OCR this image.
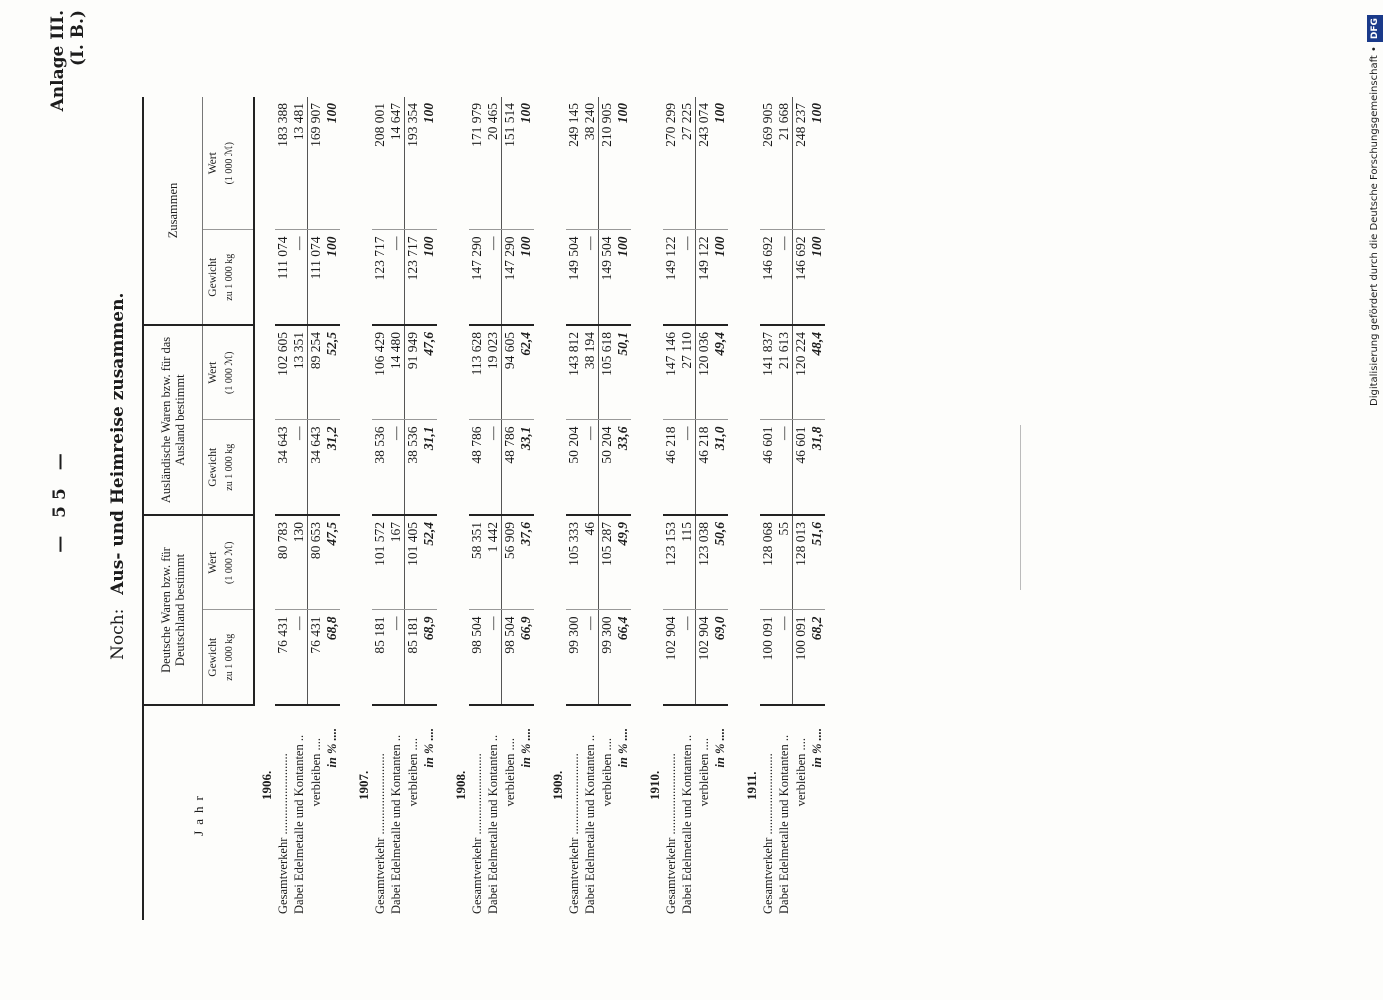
— 55 —
Anlage III. (I. B.)
Noch: Aus- und Heimreise zusammen.
Jahr	Deutsche Waren bzw. für Deutschland bestimmt		Ausländische Waren bzw. für das Ausland bestimmt		Zusammen	
	Gewicht zu 1 000 kg	Wert (1 000 ℳ)	Gewicht zu 1 000 kg	Wert (1 000 ℳ)	Gewicht zu 1 000 kg	Wert (1 000 ℳ)

1906.						
Gesamtverkehr ..........................	76 431	80 783	34 643	102 605	111 074	183 388
Dabei Edelmetalle und Kontanten ..	—	130	—	13 351	—	13 481
verbleiben ....	76 431	80 653	34 643	89 254	111 074	169 907
in % ....	68,8	47,5	31,2	52,5	100	100

1907.						
Gesamtverkehr ..........................	85 181	101 572	38 536	106 429	123 717	208 001
Dabei Edelmetalle und Kontanten ..	—	167	—	14 480	—	14 647
verbleiben ....	85 181	101 405	38 536	91 949	123 717	193 354
in % ....	68,9	52,4	31,1	47,6	100	100

1908.						
Gesamtverkehr ..........................	98 504	58 351	48 786	113 628	147 290	171 979
Dabei Edelmetalle und Kontanten ..	—	1 442	—	19 023	—	20 465
verbleiben ....	98 504	56 909	48 786	94 605	147 290	151 514
in % ....	66,9	37,6	33,1	62,4	100	100

1909.						
Gesamtverkehr ..........................	99 300	105 333	50 204	143 812	149 504	249 145
Dabei Edelmetalle und Kontanten ..	—	46	—	38 194	—	38 240
verbleiben ....	99 300	105 287	50 204	105 618	149 504	210 905
in % ....	66,4	49,9	33,6	50,1	100	100

1910.						
Gesamtverkehr ..........................	102 904	123 153	46 218	147 146	149 122	270 299
Dabei Edelmetalle und Kontanten ..	—	115	—	27 110	—	27 225
verbleiben ....	102 904	123 038	46 218	120 036	149 122	243 074
in % ....	69,0	50,6	31,0	49,4	100	100

1911.						
Gesamtverkehr ..........................	100 091	128 068	46 601	141 837	146 692	269 905
Dabei Edelmetalle und Kontanten ..	—	55	—	21 613	—	21 668
verbleiben ....	100 091	128 013	46 601	120 224	146 692	248 237
in % ....	68,2	51,6	31,8	48,4	100	100	Digitalisierung gefördert durch die Deutsche Forschungsgemeinschaft •DFG
